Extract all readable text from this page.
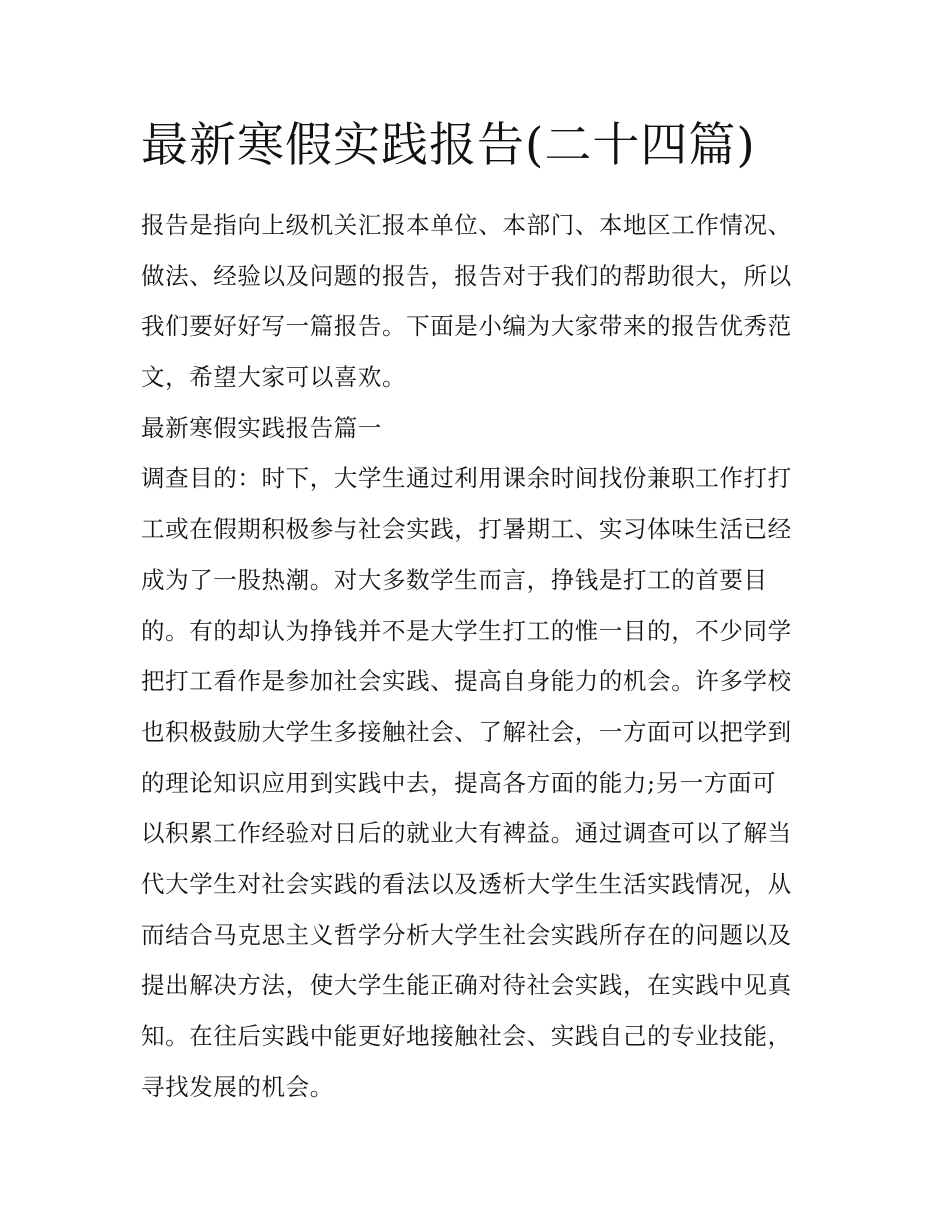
最新寒假实践报告(二十四篇)
报告是指向上级机关汇报本单位、本部门、本地区工作情况、
做法、经验以及问题的报告，报告对于我们的帮助很大，所以
我们要好好写一篇报告。下面是小编为大家带来的报告优秀范
文，希望大家可以喜欢。
最新寒假实践报告篇一
调查目的：时下，大学生通过利用课余时间找份兼职工作打打
工或在假期积极参与社会实践，打暑期工、实习体味生活已经
成为了一股热潮。对大多数学生而言，挣钱是打工的首要目
的。有的却认为挣钱并不是大学生打工的惟一目的，不少同学
把打工看作是参加社会实践、提高自身能力的机会。许多学校
也积极鼓励大学生多接触社会、了解社会，一方面可以把学到
的理论知识应用到实践中去，提高各方面的能力;另一方面可
以积累工作经验对日后的就业大有裨益。通过调查可以了解当
代大学生对社会实践的看法以及透析大学生生活实践情况，从
而结合马克思主义哲学分析大学生社会实践所存在的问题以及
提出解决方法，使大学生能正确对待社会实践，在实践中见真
知。在往后实践中能更好地接触社会、实践自己的专业技能，
寻找发展的机会。
